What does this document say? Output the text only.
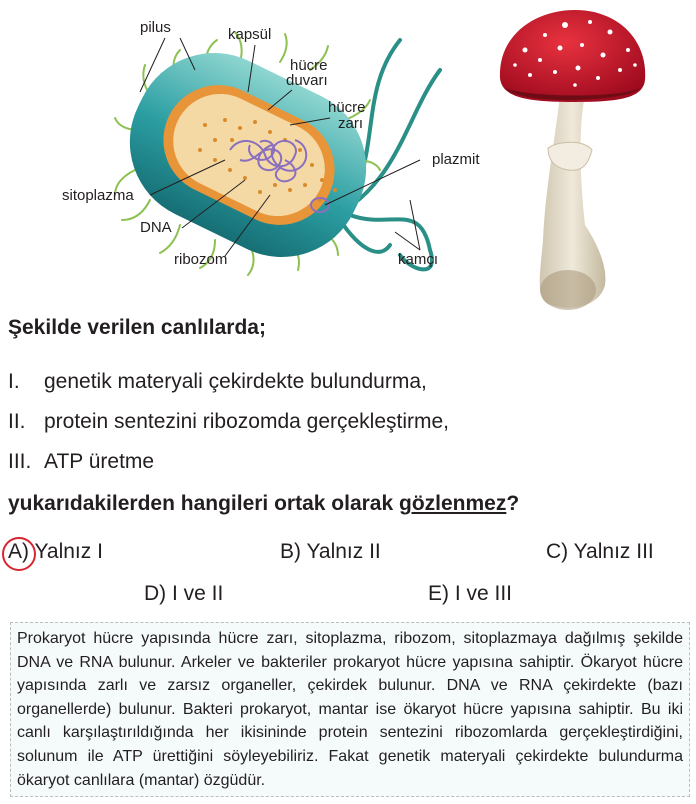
pilus	kapsül
hücre
duvarı
hücre
zarı
plazmit
sitoplazma
DNA
ribozom	kamçı
Şekilde verilen canlılarda;
I. genetik materyali çekirdekte bulundurma,
II. protein sentezini ribozomda gerçekleştirme,
III. ATP üretme
yukarıdakilerden hangileri ortak olarak gözlenmez?
A) Yalnız I	B) Yalnız II	C) Yalnız III
D) I ve II	E) I ve III
Prokaryot hücre yapısında hücre zarı, sitoplazma, ribozom, sitoplazmaya dağılmış şekilde DNA ve RNA bulunur. Arkeler ve bakteriler prokaryot hücre yapısına sahiptir. Ökaryot hücre yapısında zarlı ve zarsız organeller, çekirdek bulunur. DNA ve RNA çekirdekte (bazı organellerde) bulunur. Bakteri prokaryot, mantar ise ökaryot hücre yapısına sahiptir. Bu iki canlı karşılaştırıldığında her ikisininde protein sentezini ribozomlarda gerçekleştirdiğini, solunum ile ATP ürettiğini söyleyebiliriz. Fakat genetik materyali çekirdekte bulundurma ökaryot canlılara (mantar) özgüdür.
